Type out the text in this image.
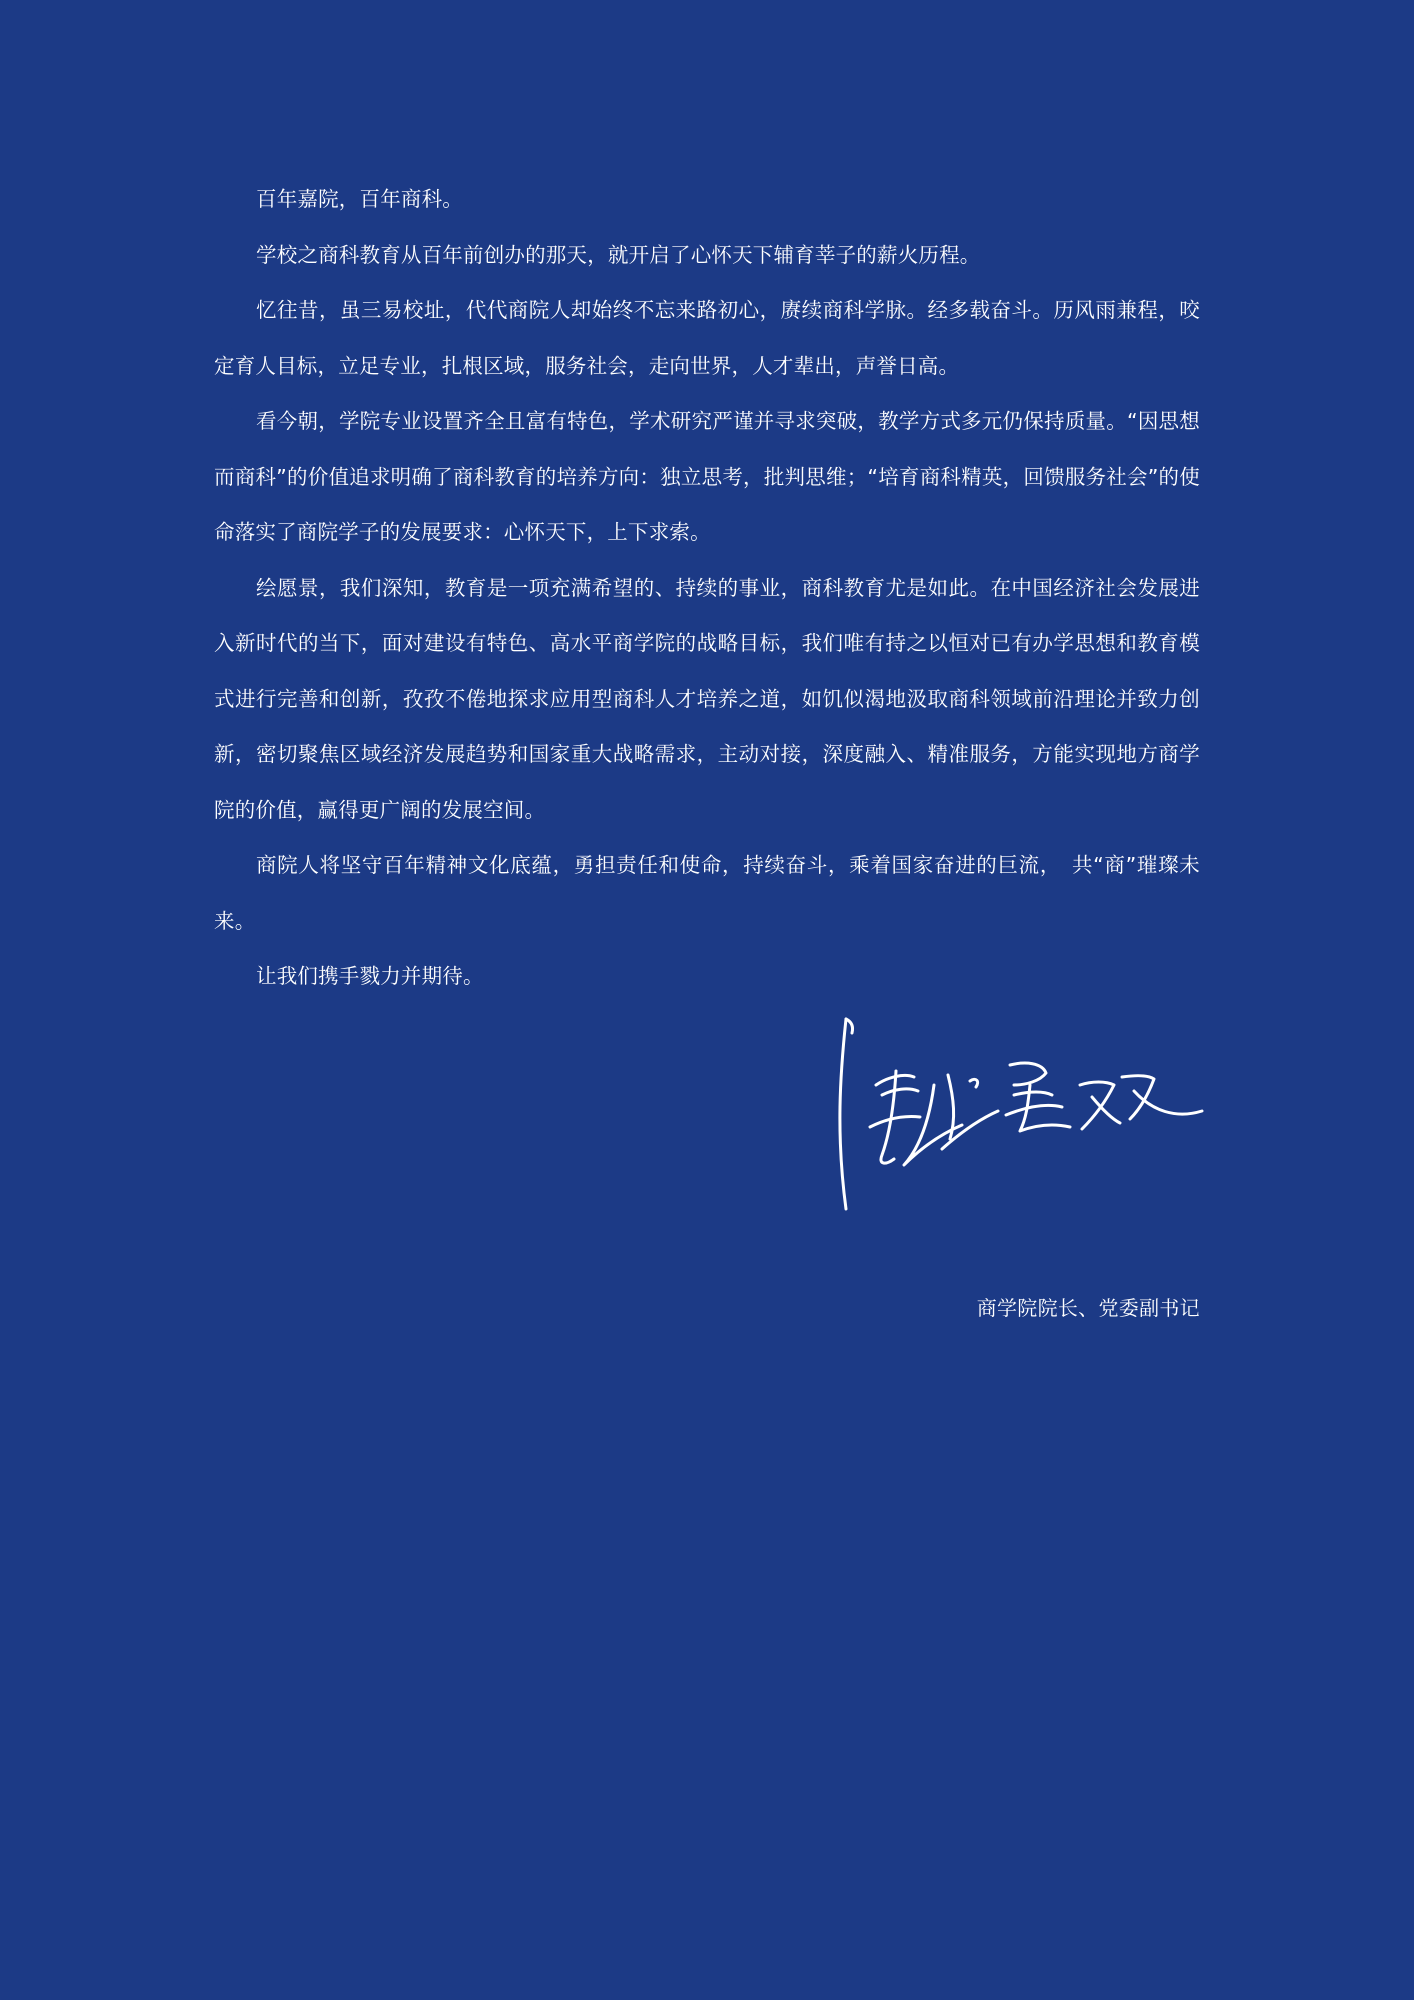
百年嘉院，百年商科。

学校之商科教育从百年前创办的那天，就开启了心怀天下辅育莘子的薪火历程。

忆往昔，虽三易校址，代代商院人却始终不忘来路初心，赓续商科学脉。经多载奋斗。历风雨兼程，咬定育人目标，立足专业，扎根区域，服务社会，走向世界，人才辈出，声誉日高。

看今朝，学院专业设置齐全且富有特色，学术研究严谨并寻求突破，教学方式多元仍保持质量。“因思想而商科”的价值追求明确了商科教育的培养方向：独立思考，批判思维；“培育商科精英，回馈服务社会”的使命落实了商院学子的发展要求：心怀天下，上下求索。

绘愿景，我们深知，教育是一项充满希望的、持续的事业，商科教育尤是如此。在中国经济社会发展进入新时代的当下，面对建设有特色、高水平商学院的战略目标，我们唯有持之以恒对已有办学思想和教育模式进行完善和创新，孜孜不倦地探求应用型商科人才培养之道，如饥似渴地汲取商科领域前沿理论并致力创新，密切聚焦区域经济发展趋势和国家重大战略需求，主动对接，深度融入、精准服务，方能实现地方商学院的价值，赢得更广阔的发展空间。

商院人将坚守百年精神文化底蕴，勇担责任和使命，持续奋斗，乘着国家奋进的巨流，　共“商”璀璨未来。

让我们携手戮力并期待。

商学院院长、党委副书记
